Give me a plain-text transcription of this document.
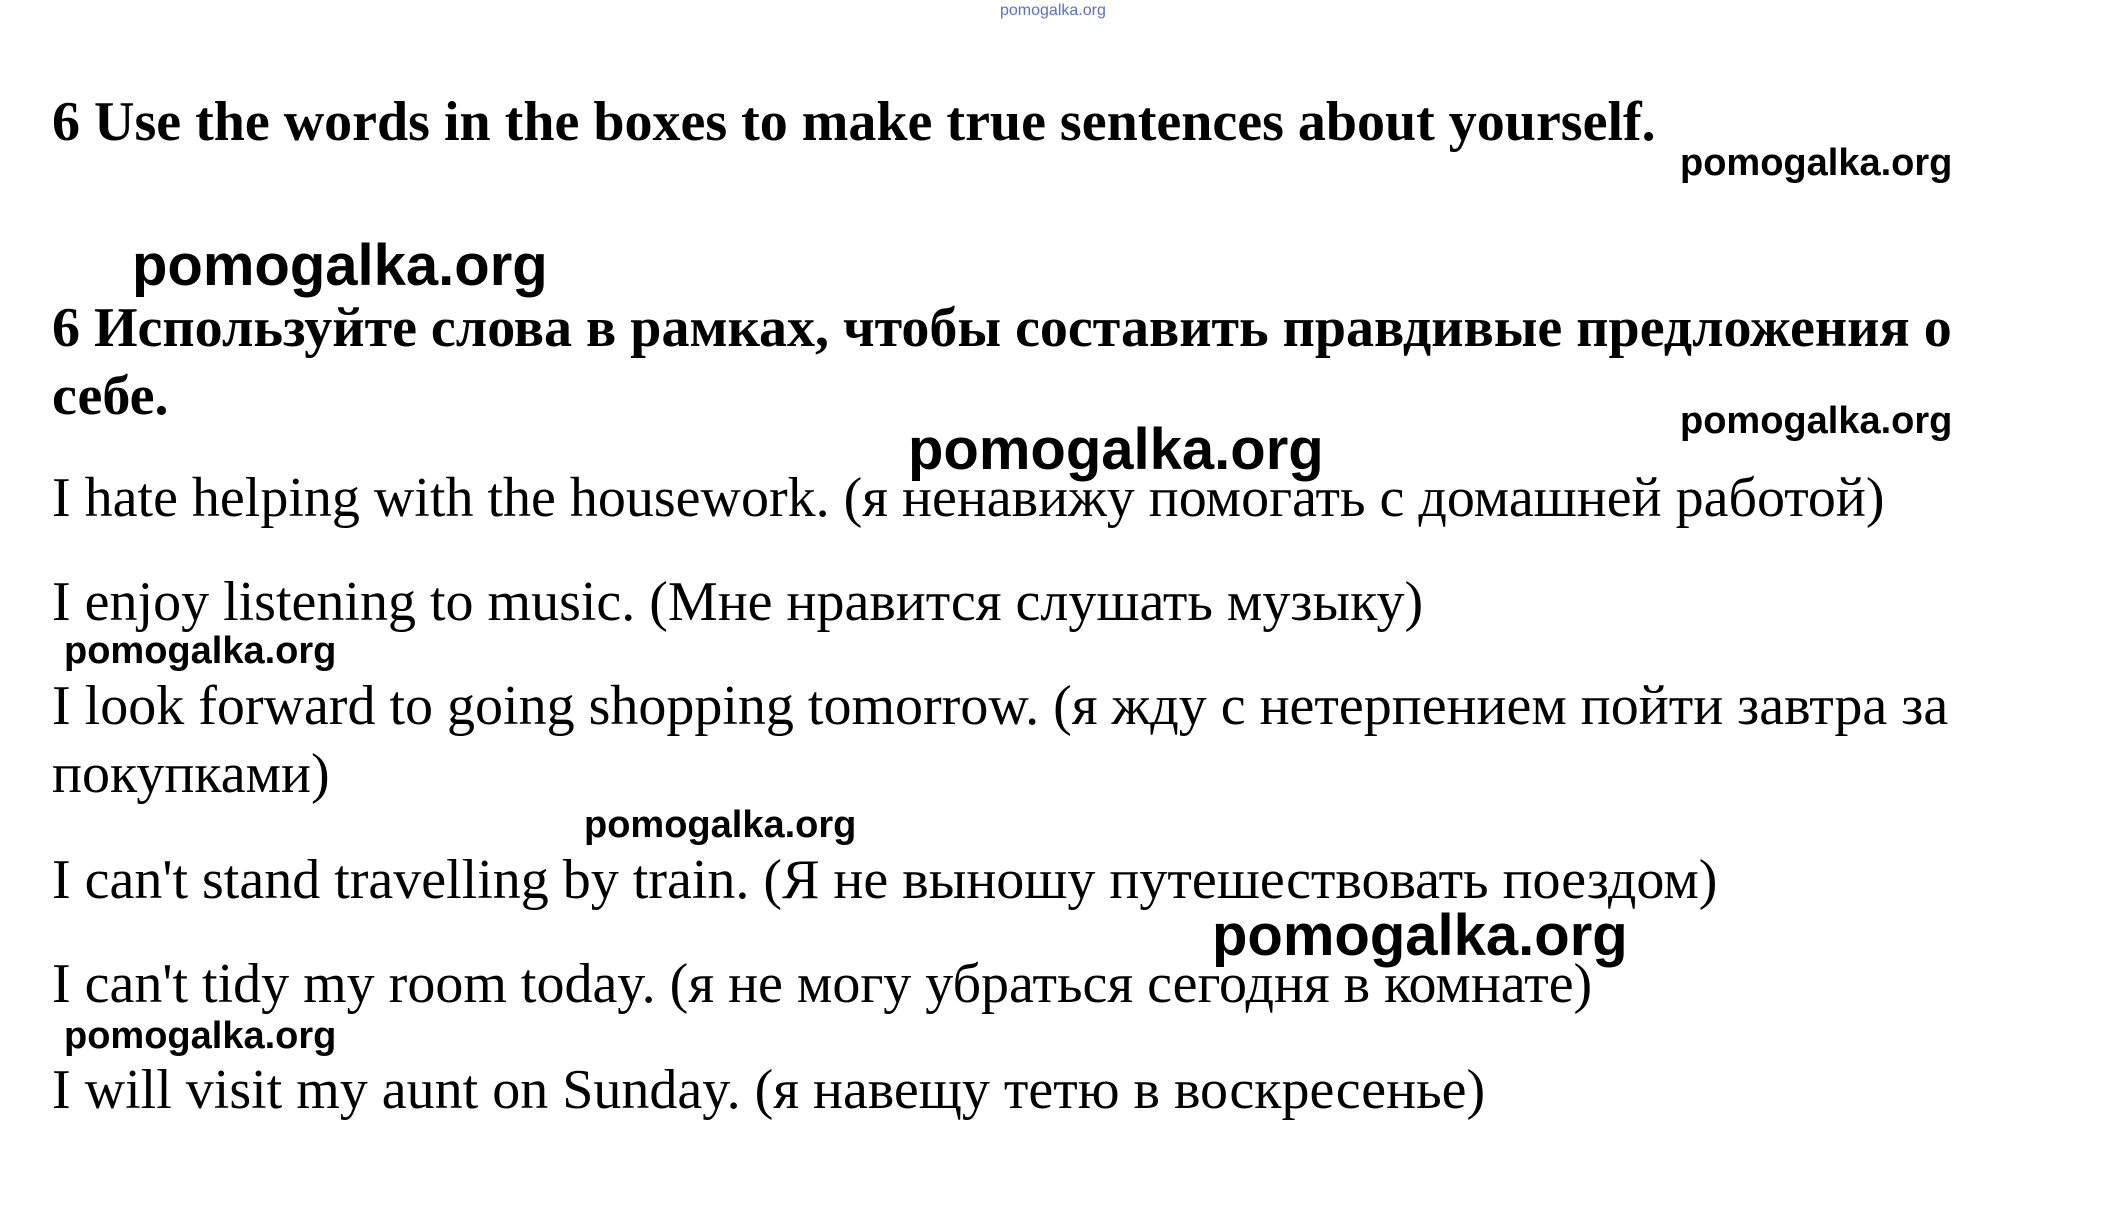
pomogalka.org
6 Use the words in the boxes to make true sentences about yourself.
pomogalka.org
pomogalka.org
6 Используйте слова в рамках, чтобы составить правдивые предложения о себе.	pomogalka.org
pomogalka.org

I hate helping with the housework. (я ненавижу помогать с домашней работой)

I enjoy listening to music. (Мне нравится слушать музыку)

pomogalka.org

I look forward to going shopping tomorrow. (я жду с нетерпением пойти завтра за покупками)

pomogalka.org

I can't stand travelling by train. (Я не выношу путешествовать поездом)

pomogalka.org

I can't tidy my room today. (я не могу убраться сегодня в комнате)

pomogalka.org

I will visit my aunt on Sunday. (я навещу тетю в воскресенье)
